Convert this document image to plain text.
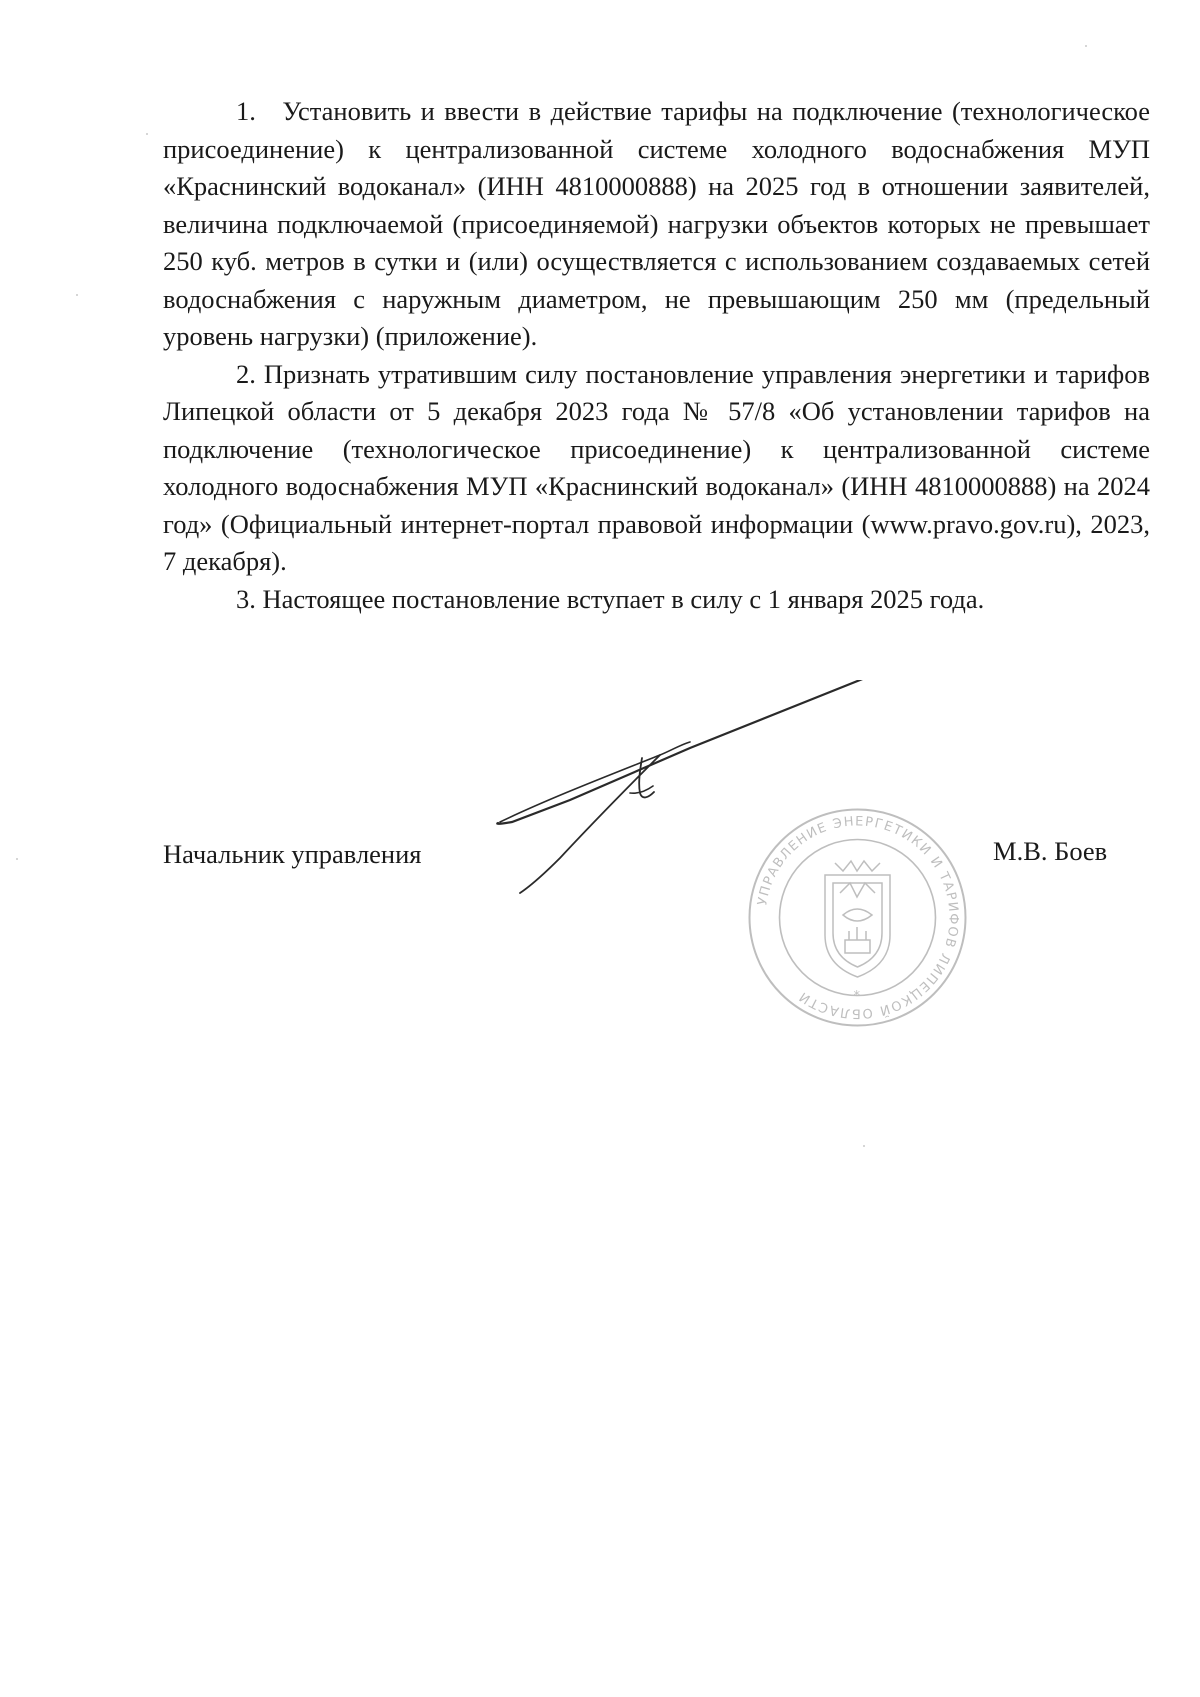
1. Установить и ввести в действие тарифы на подключение (технологическое присоединение) к централизованной системе холодного водоснабжения МУП «Краснинский водоканал» (ИНН 4810000888) на 2025 год в отношении заявителей, величина подключаемой (присоединяемой) нагрузки объектов которых не превышает 250 куб. метров в сутки и (или) осуществляется с использованием создаваемых сетей водоснабжения с наружным диаметром, не превышающим 250 мм (предельный уровень нагрузки) (приложение).

2. Признать утратившим силу постановление управления энергетики и тарифов Липецкой области от 5 декабря 2023 года № 57/8 «Об установлении тарифов на подключение (технологическое присоединение) к централизованной системе холодного водоснабжения МУП «Краснинский водоканал» (ИНН 4810000888) на 2024 год» (Официальный интернет-портал правовой информации (www.pravo.gov.ru), 2023, 7 декабря).

3. Настоящее постановление вступает в силу с 1 января 2025 года.

Начальник управления
УПРАВЛЕНИЕ ЭНЕРГЕТИКИ И ТАРИФОВ ЛИПЕЦКОЙ ОБЛАСТИ	*
М.В. Боев
